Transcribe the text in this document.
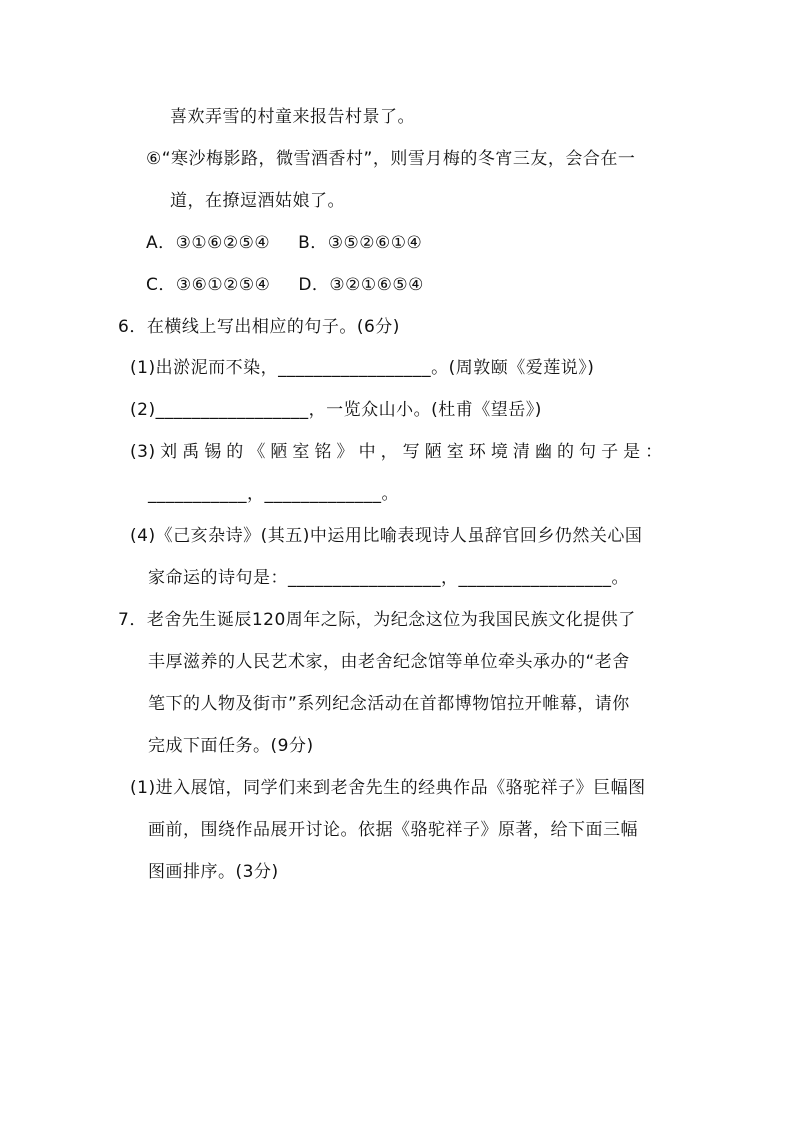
喜欢弄雪的村童来报告村景了。
⑥“寒沙梅影路，微雪酒香村”，则雪月梅的冬宵三友，会合在一
道，在撩逗酒姑娘了。
A．③①⑥②⑤④ B．③⑤②⑥①④
C．③⑥①②⑤④ D．③②①⑥⑤④
6．在横线上写出相应的句子。(6分)
(1)出淤泥而不染，_________________。(周敦颐《爱莲说》)
(2)_________________，一览众山小。(杜甫《望岳》)
(3) 刘 禹 锡 的 《 陋 室 铭 》 中 ， 写 陋 室 环 境 清 幽 的 句 子 是 ：
___________，_____________。
(4)《己亥杂诗》(其五)中运用比喻表现诗人虽辞官回乡仍然关心国
家命运的诗句是：_________________，_________________。
7．老舍先生诞辰120周年之际，为纪念这位为我国民族文化提供了
丰厚滋养的人民艺术家，由老舍纪念馆等单位牵头承办的“老舍
笔下的人物及街市”系列纪念活动在首都博物馆拉开帷幕，请你
完成下面任务。(9分)
(1)进入展馆，同学们来到老舍先生的经典作品《骆驼祥子》巨幅图
画前，围绕作品展开讨论。依据《骆驼祥子》原著，给下面三幅
图画排序。(3分)
